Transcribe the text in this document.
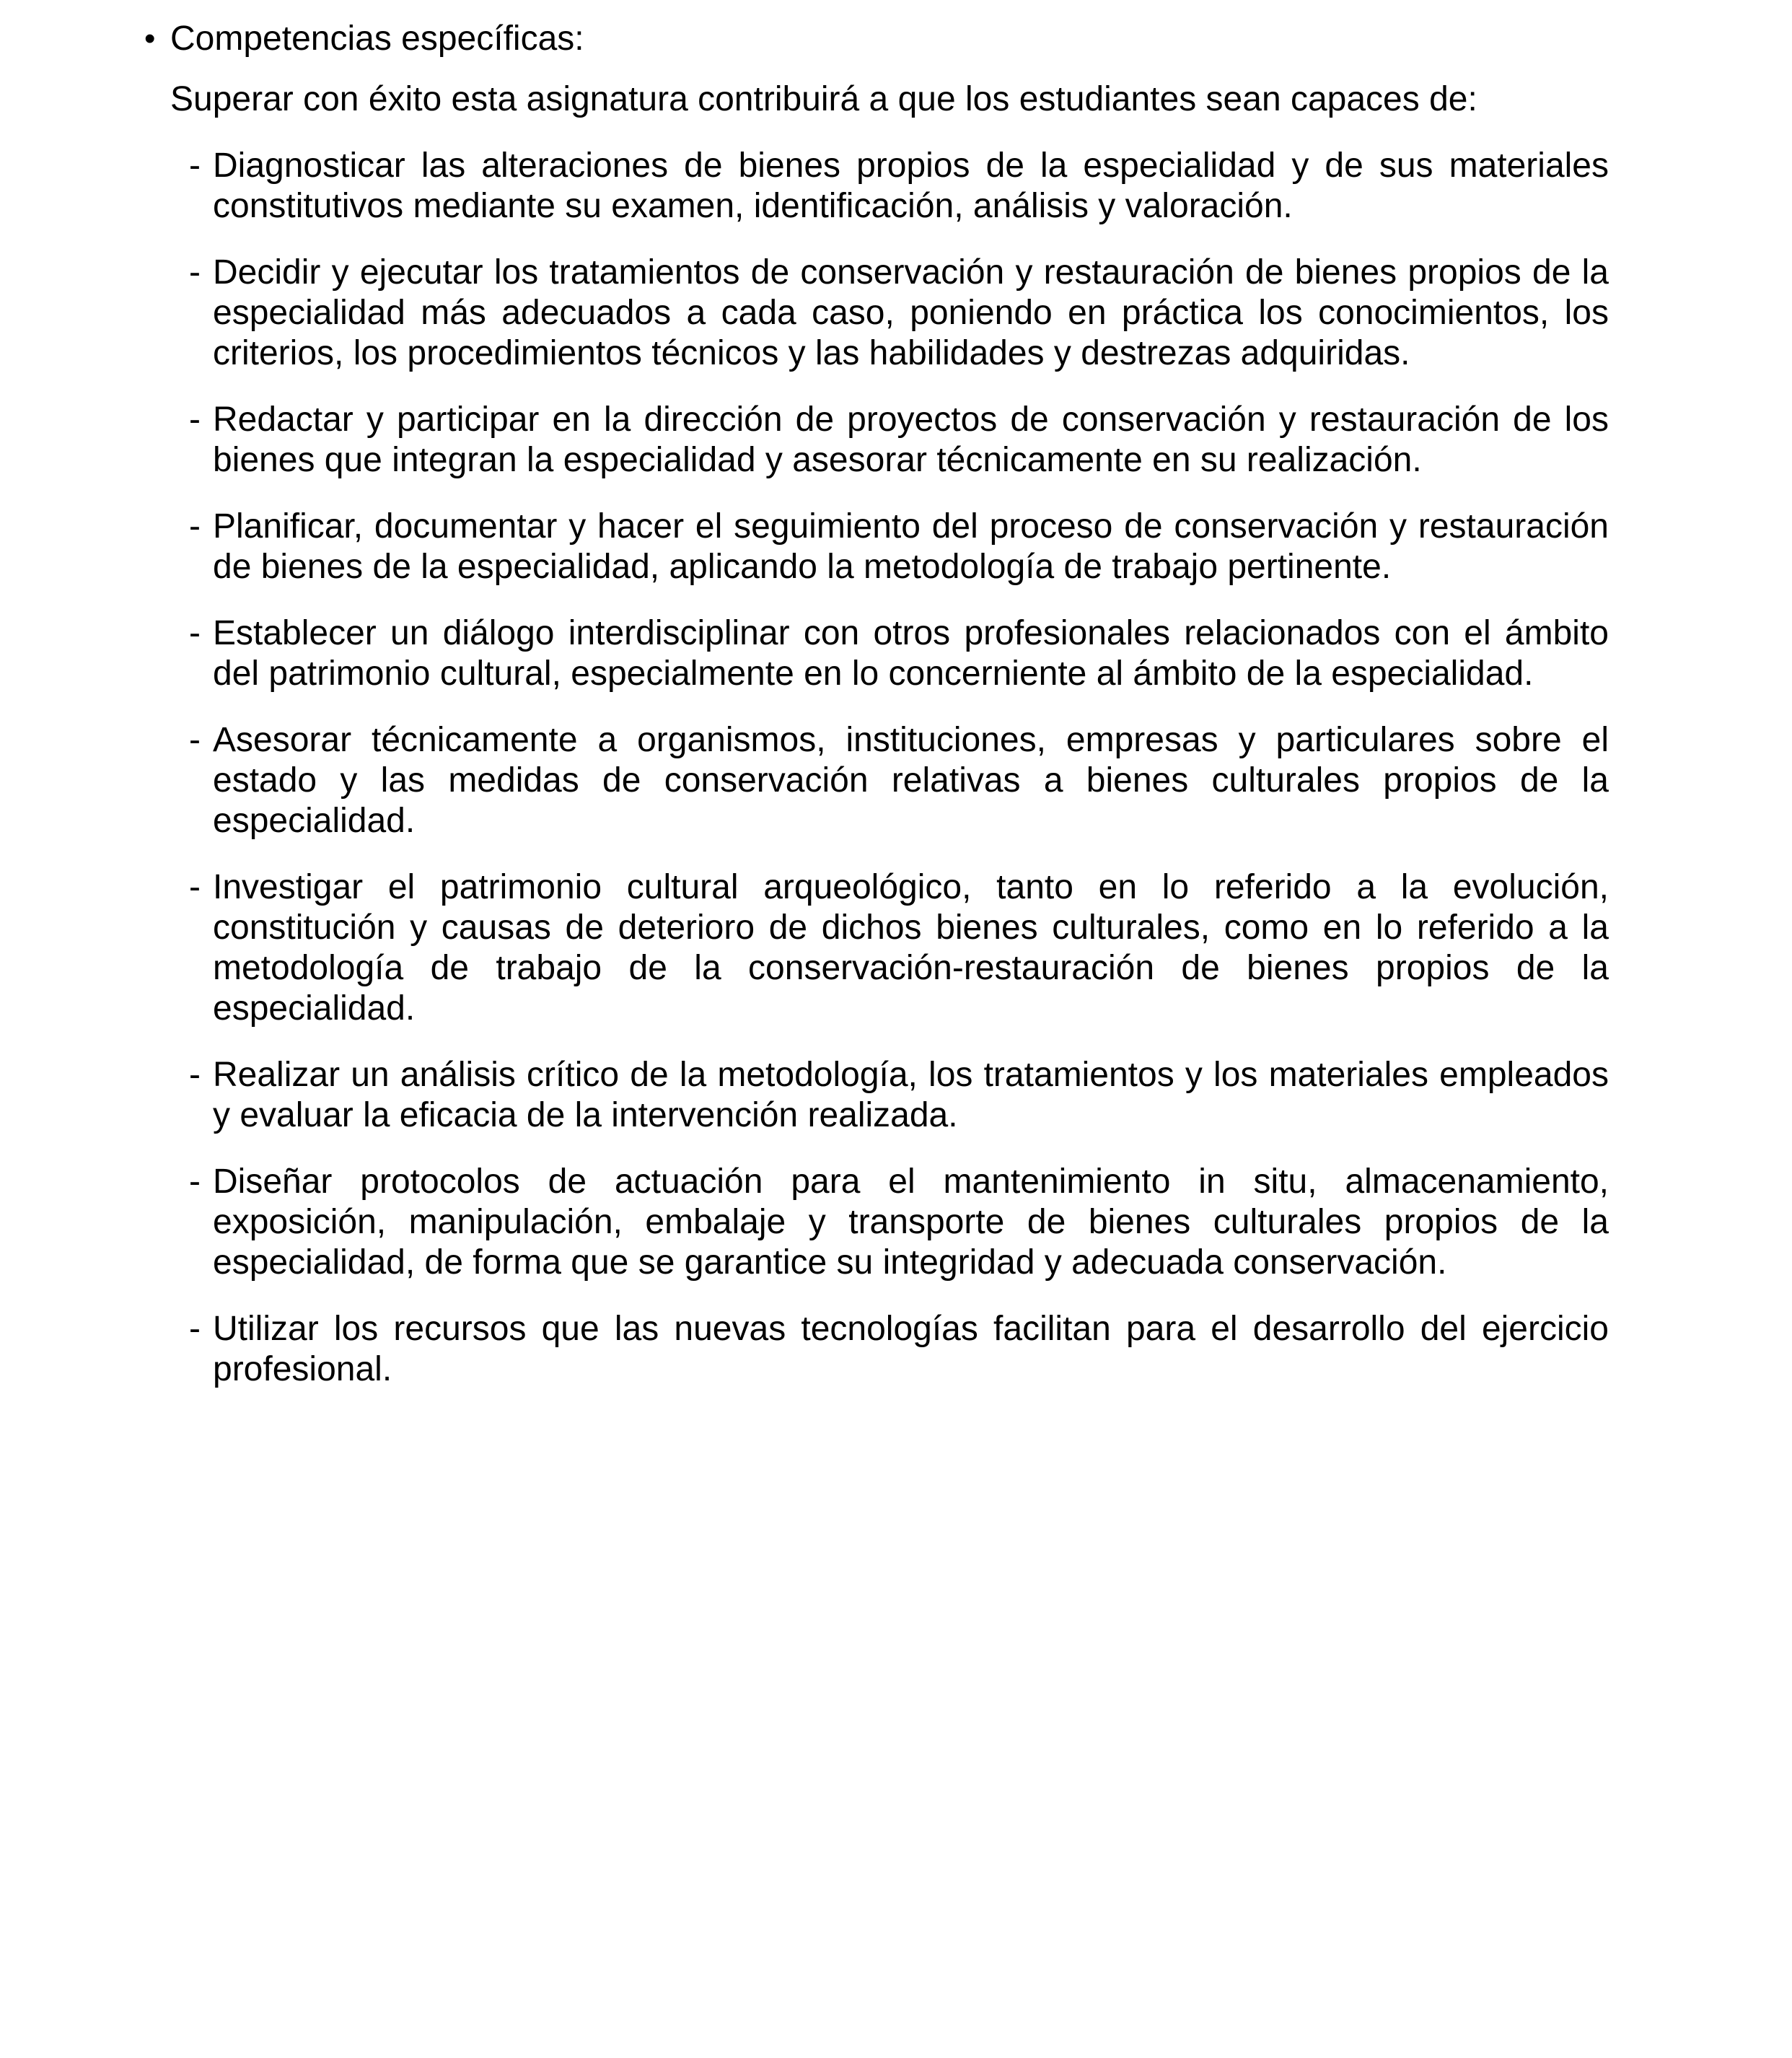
• Competencias específicas:

Superar con éxito esta asignatura contribuirá a que los estudiantes sean capaces de:

- Diagnosticar las alteraciones de bienes propios de la especialidad y de sus materiales constitutivos mediante su examen, identificación, análisis y valoración.
- Decidir y ejecutar los tratamientos de conservación y restauración de bienes propios de la especialidad más adecuados a cada caso, poniendo en práctica los conocimientos, los criterios, los procedimientos técnicos y las habilidades y destrezas adquiridas.
- Redactar y participar en la dirección de proyectos de conservación y restauración de los bienes que integran la especialidad y asesorar técnicamente en su realización.
- Planificar, documentar y hacer el seguimiento del proceso de conservación y restauración de bienes de la especialidad, aplicando la metodología de trabajo pertinente.
- Establecer un diálogo interdisciplinar con otros profesionales relacionados con el ámbito del patrimonio cultural, especialmente en lo concerniente al ámbito de la especialidad.
- Asesorar técnicamente a organismos, instituciones, empresas y particulares sobre el estado y las medidas de conservación relativas a bienes culturales propios de la especialidad.
- Investigar el patrimonio cultural arqueológico, tanto en lo referido a la evolución, constitución y causas de deterioro de dichos bienes culturales, como en lo referido a la metodología de trabajo de la conservación-restauración de bienes propios de la especialidad.
- Realizar un análisis crítico de la metodología, los tratamientos y los materiales empleados y evaluar la eficacia de la intervención realizada.
- Diseñar protocolos de actuación para el mantenimiento in situ, almacenamiento, exposición, manipulación, embalaje y transporte de bienes culturales propios de la especialidad, de forma que se garantice su integridad y adecuada conservación.
- Utilizar los recursos que las nuevas tecnologías facilitan para el desarrollo del ejercicio profesional.
